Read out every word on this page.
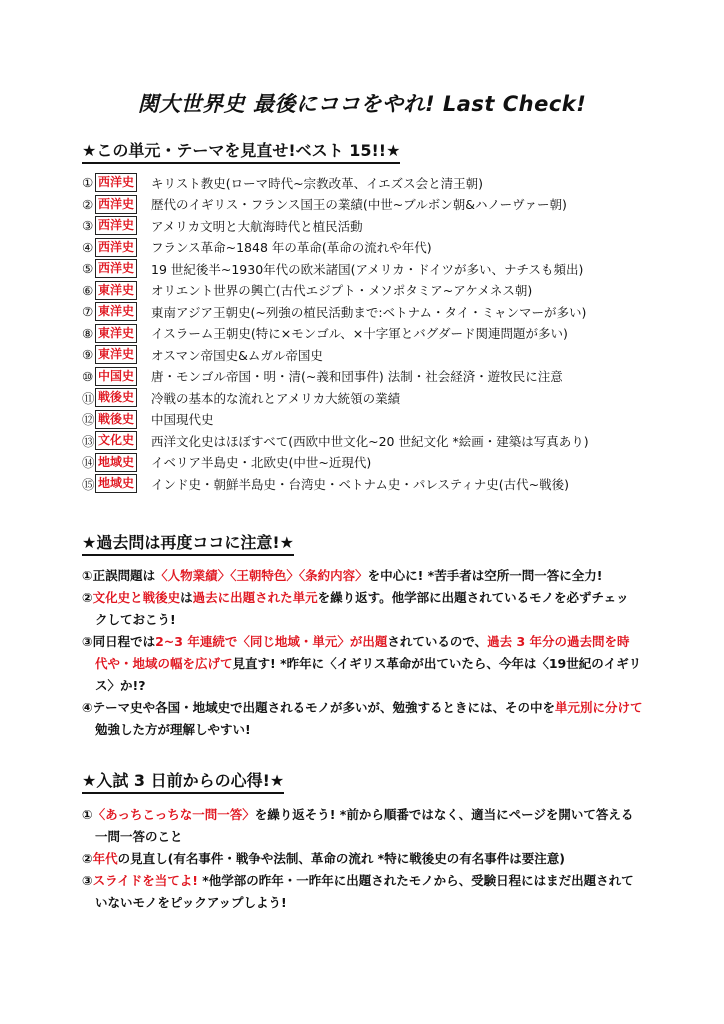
関大世界史 最後にココをやれ! Last Check!
★この単元・テーマを見直せ!ベスト 15!!★
① 西洋史 キリスト教史(ローマ時代~宗教改革、イエズス会と清王朝)
② 西洋史 歴代のイギリス・フランス国王の業績(中世~ブルボン朝&ハノーヴァー朝)
③ 西洋史 アメリカ文明と大航海時代と植民活動
④ 西洋史 フランス革命~1848 年の革命(革命の流れや年代)
⑤ 西洋史 19 世紀後半~1930年代の欧米諸国(アメリカ・ドイツが多い、ナチスも頻出)
⑥ 東洋史 オリエント世界の興亡(古代エジプト・メソポタミア~アケメネス朝)
⑦ 東洋史 東南アジア王朝史(~列強の植民活動まで:ベトナム・タイ・ミャンマーが多い)
⑧ 東洋史 イスラーム王朝史(特に×モンゴル、×十字軍とバグダード関連問題が多い)
⑨ 東洋史 オスマン帝国史&ムガル帝国史
⑩ 中国史 唐・モンゴル帝国・明・清(~義和団事件) 法制・社会経済・遊牧民に注意
⑪ 戦後史 冷戦の基本的な流れとアメリカ大統領の業績
⑫ 戦後史 中国現代史
⑬ 文化史 西洋文化史はほぼすべて(西欧中世文化~20 世紀文化 *絵画・建築は写真あり)
⑭ 地域史 イベリア半島史・北欧史(中世~近現代)
⑮ 地域史 インド史・朝鮮半島史・台湾史・ベトナム史・パレスティナ史(古代~戦後)
★過去問は再度ココに注意!★
①正誤問題は〈人物業績〉〈王朝特色〉〈条約内容〉を中心に! *苦手者は空所一問一答に全力!
②文化史と戦後史は過去に出題された単元を繰り返す。他学部に出題されているモノを必ずチェッ
クしておこう!
③同日程では2~3 年連続で〈同じ地域・単元〉が出題されているので、過去 3 年分の過去問を時
代や・地域の幅を広げて見直す! *昨年に〈イギリス革命が出ていたら、今年は〈19世紀のイギリ
ス〉か!?
④テーマ史や各国・地域史で出題されるモノが多いが、勉強するときには、その中を単元別に分けて
勉強した方が理解しやすい!
★入試 3 日前からの心得!★
①〈あっちこっちな一問一答〉を繰り返そう! *前から順番ではなく、適当にページを開いて答える
一問一答のこと
②年代の見直し(有名事件・戦争や法制、革命の流れ *特に戦後史の有名事件は要注意)
③スライドを当てよ! *他学部の昨年・一昨年に出題されたモノから、受験日程にはまだ出題されて
いないモノをピックアップしよう!
